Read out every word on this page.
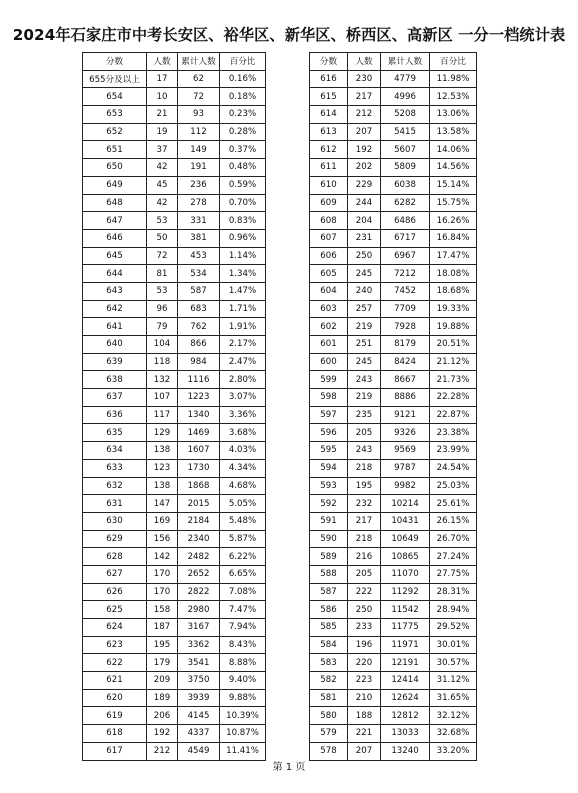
2024年石家庄市中考长安区、裕华区、新华区、桥西区、高新区 一分一档统计表
分数	人数	累计人数	百分比
655分及以上	17	62	0.16%
654	10	72	0.18%
653	21	93	0.23%
652	19	112	0.28%
651	37	149	0.37%
650	42	191	0.48%
649	45	236	0.59%
648	42	278	0.70%
647	53	331	0.83%
646	50	381	0.96%
645	72	453	1.14%
644	81	534	1.34%
643	53	587	1.47%
642	96	683	1.71%
641	79	762	1.91%
640	104	866	2.17%
639	118	984	2.47%
638	132	1116	2.80%
637	107	1223	3.07%
636	117	1340	3.36%
635	129	1469	3.68%
634	138	1607	4.03%
633	123	1730	4.34%
632	138	1868	4.68%
631	147	2015	5.05%
630	169	2184	5.48%
629	156	2340	5.87%
628	142	2482	6.22%
627	170	2652	6.65%
626	170	2822	7.08%
625	158	2980	7.47%
624	187	3167	7.94%
623	195	3362	8.43%
622	179	3541	8.88%
621	209	3750	9.40%
620	189	3939	9.88%
619	206	4145	10.39%
618	192	4337	10.87%
617	212	4549	11.41%
分数	人数	累计人数	百分比
616	230	4779	11.98%
615	217	4996	12.53%
614	212	5208	13.06%
613	207	5415	13.58%
612	192	5607	14.06%
611	202	5809	14.56%
610	229	6038	15.14%
609	244	6282	15.75%
608	204	6486	16.26%
607	231	6717	16.84%
606	250	6967	17.47%
605	245	7212	18.08%
604	240	7452	18.68%
603	257	7709	19.33%
602	219	7928	19.88%
601	251	8179	20.51%
600	245	8424	21.12%
599	243	8667	21.73%
598	219	8886	22.28%
597	235	9121	22.87%
596	205	9326	23.38%
595	243	9569	23.99%
594	218	9787	24.54%
593	195	9982	25.03%
592	232	10214	25.61%
591	217	10431	26.15%
590	218	10649	26.70%
589	216	10865	27.24%
588	205	11070	27.75%
587	222	11292	28.31%
586	250	11542	28.94%
585	233	11775	29.52%
584	196	11971	30.01%
583	220	12191	30.57%
582	223	12414	31.12%
581	210	12624	31.65%
580	188	12812	32.12%
579	221	13033	32.68%
578	207	13240	33.20%
第 1 页
